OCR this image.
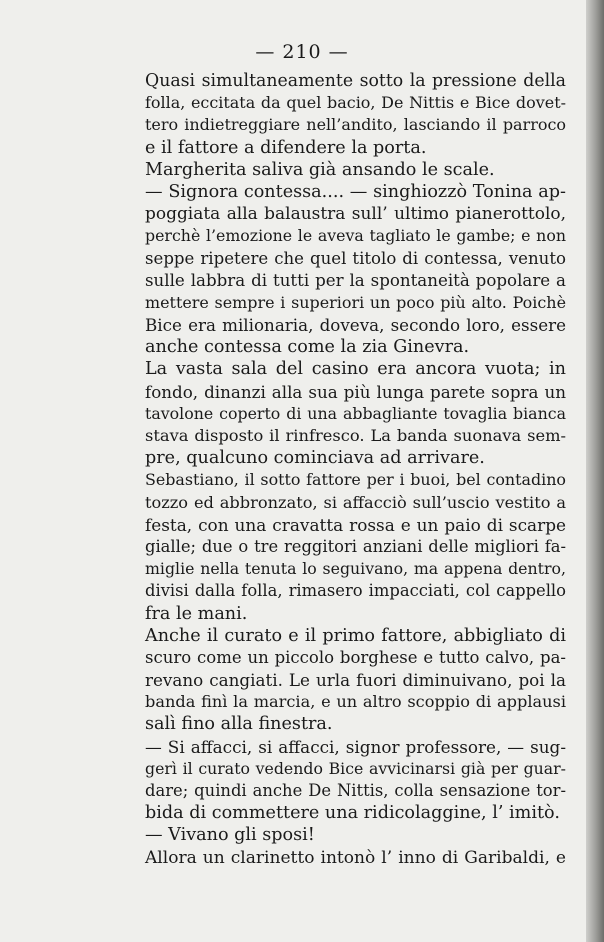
— 210 —
Quasi simultaneamente sotto la pressione della
folla, eccitata da quel bacio, De Nittis e Bice dovet-
tero indietreggiare nell’andito, lasciando il parroco
e il fattore a difendere la porta.
Margherita saliva già ansando le scale.
— Signora contessa.... — singhiozzò Tonina ap-
poggiata alla balaustra sull’ ultimo pianerottolo,
perchè l’emozione le aveva tagliato le gambe; e non
seppe ripetere che quel titolo di contessa, venuto
sulle labbra di tutti per la spontaneità popolare a
mettere sempre i superiori un poco più alto. Poichè
Bice era milionaria, doveva, secondo loro, essere
anche contessa come la zia Ginevra.
La vasta sala del casino era ancora vuota; in
fondo, dinanzi alla sua più lunga parete sopra un
tavolone coperto di una abbagliante tovaglia bianca
stava disposto il rinfresco. La banda suonava sem-
pre, qualcuno cominciava ad arrivare.
Sebastiano, il sotto fattore per i buoi, bel contadino
tozzo ed abbronzato, si affacciò sull’uscio vestito a
festa, con una cravatta rossa e un paio di scarpe
gialle; due o tre reggitori anziani delle migliori fa-
miglie nella tenuta lo seguivano, ma appena dentro,
divisi dalla folla, rimasero impacciati, col cappello
fra le mani.
Anche il curato e il primo fattore, abbigliato di
scuro come un piccolo borghese e tutto calvo, pa-
revano cangiati. Le urla fuori diminuivano, poi la
banda finì la marcia, e un altro scoppio di applausi
salì fino alla finestra.
— Si affacci, si affacci, signor professore, — sug-
gerì il curato vedendo Bice avvicinarsi già per guar-
dare; quindi anche De Nittis, colla sensazione tor-
bida di commettere una ridicolaggine, l’ imitò.
— Vivano gli sposi!
Allora un clarinetto intonò l’ inno di Garibaldi, e
